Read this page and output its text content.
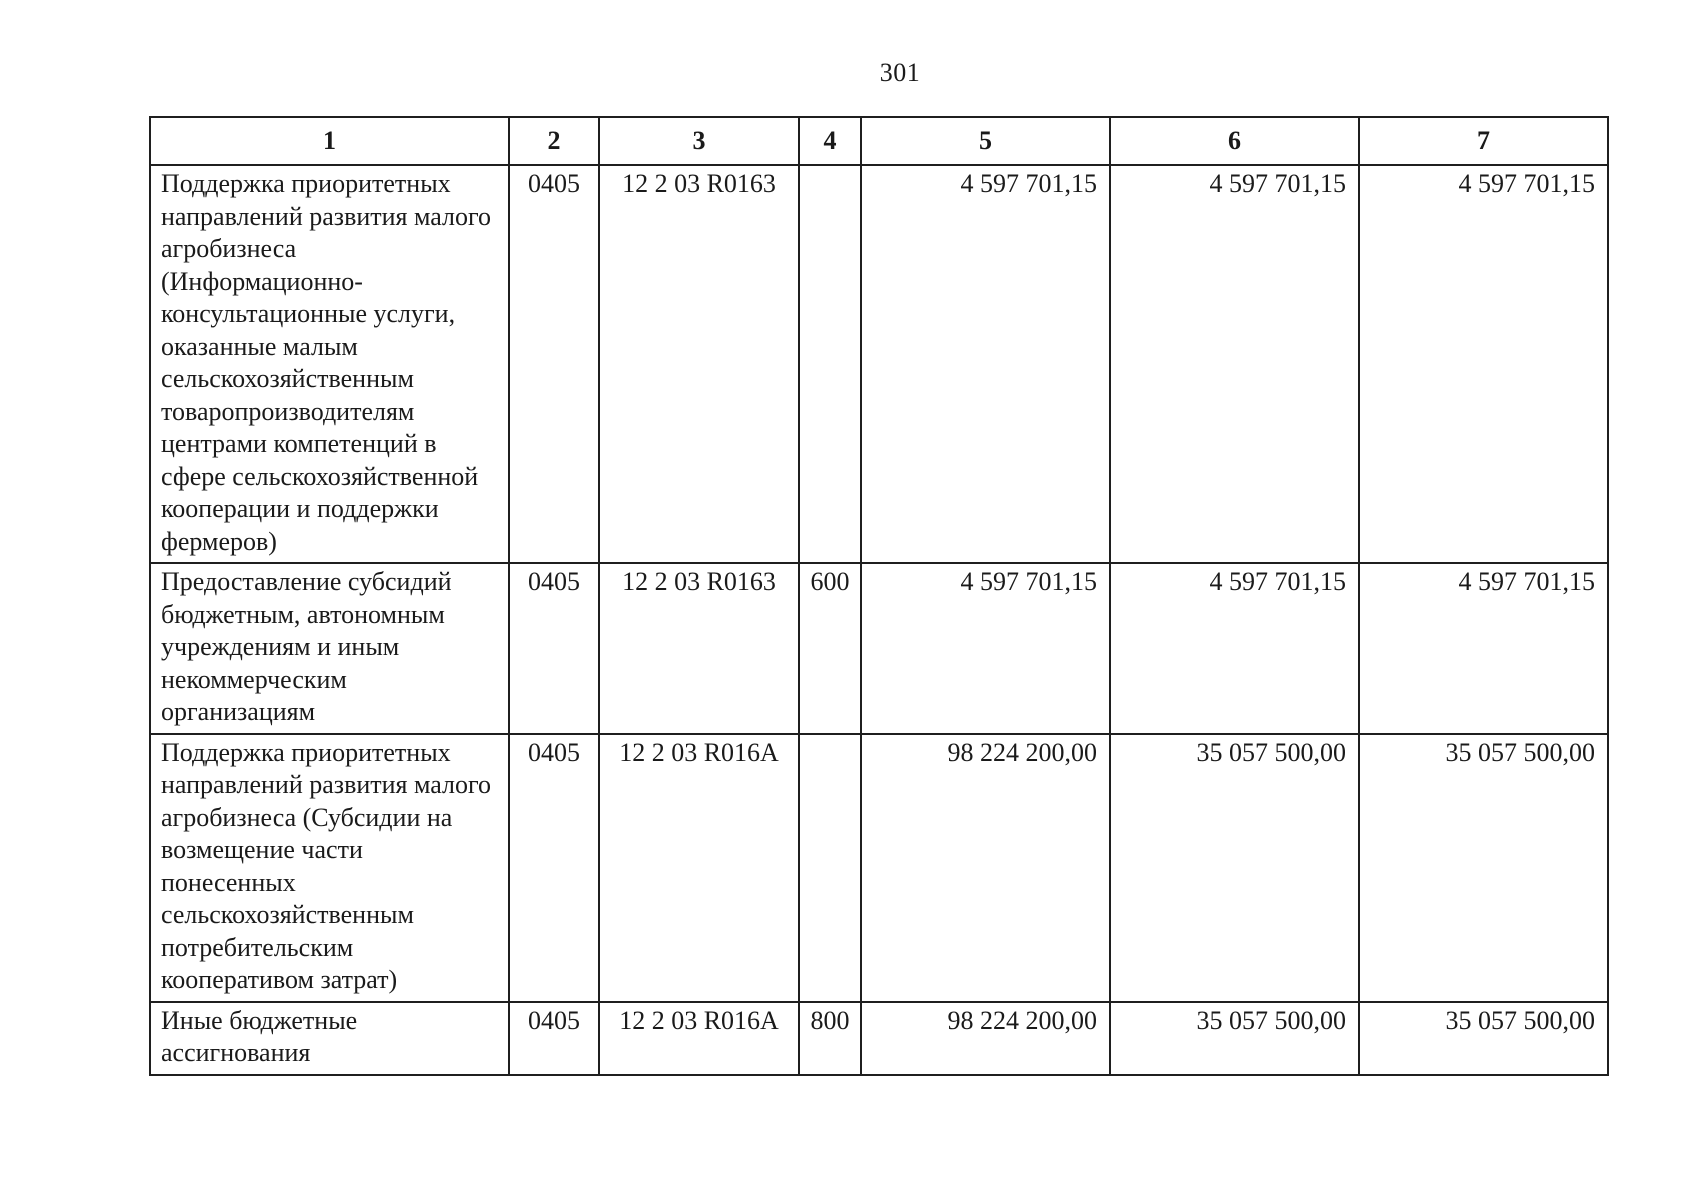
301
1	2	3	4	5	6	7
Поддержка приоритетных направлений развития малого агробизнеса (Информационно-консультационные услуги, оказанные малым сельскохозяйственным товаропроизводителям центрами компетенций в сфере сельскохозяйственной кооперации и поддержки фермеров)	0405	12 2 03 R0163		4 597 701,15	4 597 701,15	4 597 701,15
Предоставление субсидий бюджетным, автономным учреждениям и иным некоммерческим организациям	0405	12 2 03 R0163	600	4 597 701,15	4 597 701,15	4 597 701,15
Поддержка приоритетных направлений развития малого агробизнеса (Субсидии на возмещение части понесенных сельскохозяйственным потребительским кооперативом затрат)	0405	12 2 03 R016A		98 224 200,00	35 057 500,00	35 057 500,00
Иные бюджетные ассигнования	0405	12 2 03 R016A	800	98 224 200,00	35 057 500,00	35 057 500,00
